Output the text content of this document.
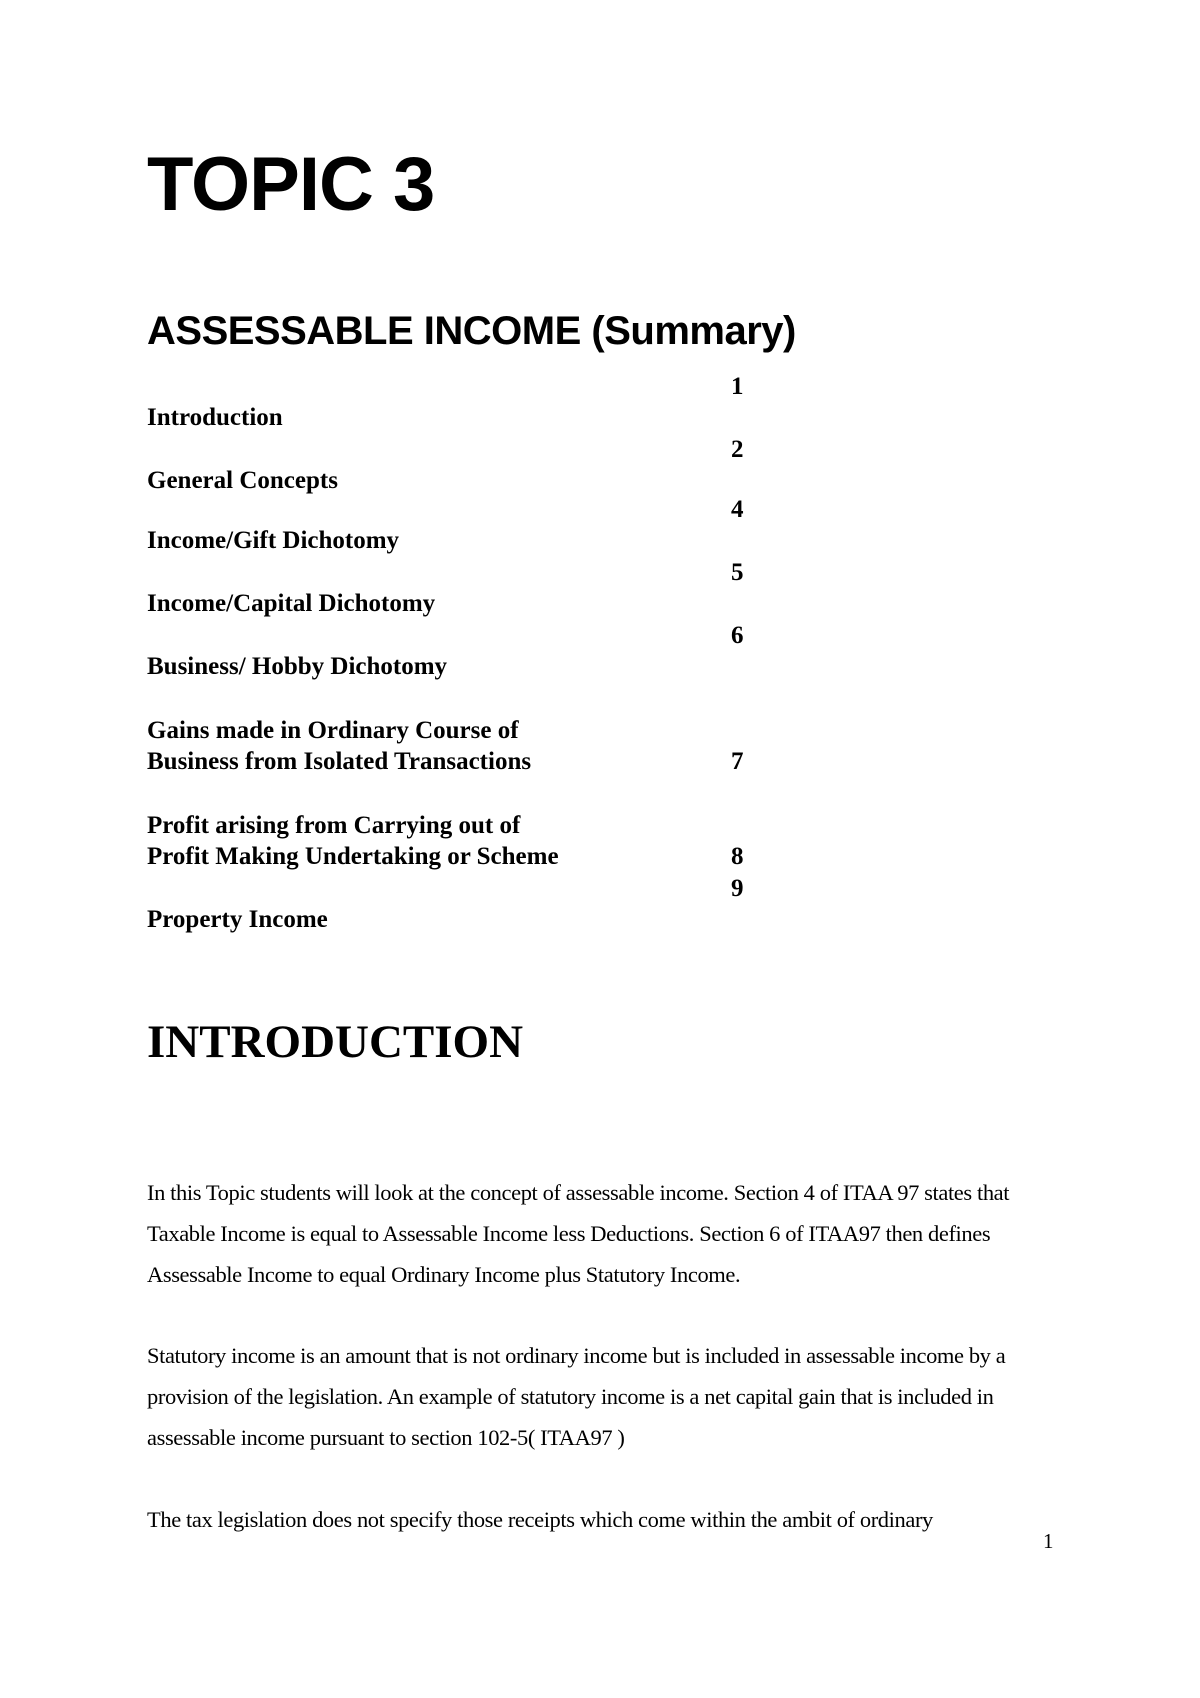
TOPIC 3
ASSESSABLE INCOME (Summary)
Introduction
1
General Concepts
2
Income/Gift Dichotomy
4
Income/Capital Dichotomy
5
Business/ Hobby Dichotomy
6
Gains made in Ordinary Course of
Business from Isolated Transactions	7
Profit arising from Carrying out of
Profit Making Undertaking or Scheme	8
Property Income
9
INTRODUCTION

In this Topic students will look at the concept of assessable income. Section 4 of ITAA 97 states that Taxable Income is equal to Assessable Income less Deductions. Section 6 of ITAA97 then defines Assessable Income to equal Ordinary Income plus Statutory Income.

Statutory income is an amount that is not ordinary income but is included in assessable income by a provision of the legislation. An example of statutory income is a net capital gain that is included in assessable income pursuant to section 102-5( ITAA97 )

The tax legislation does not specify those receipts which come within the ambit of ordinary

1
